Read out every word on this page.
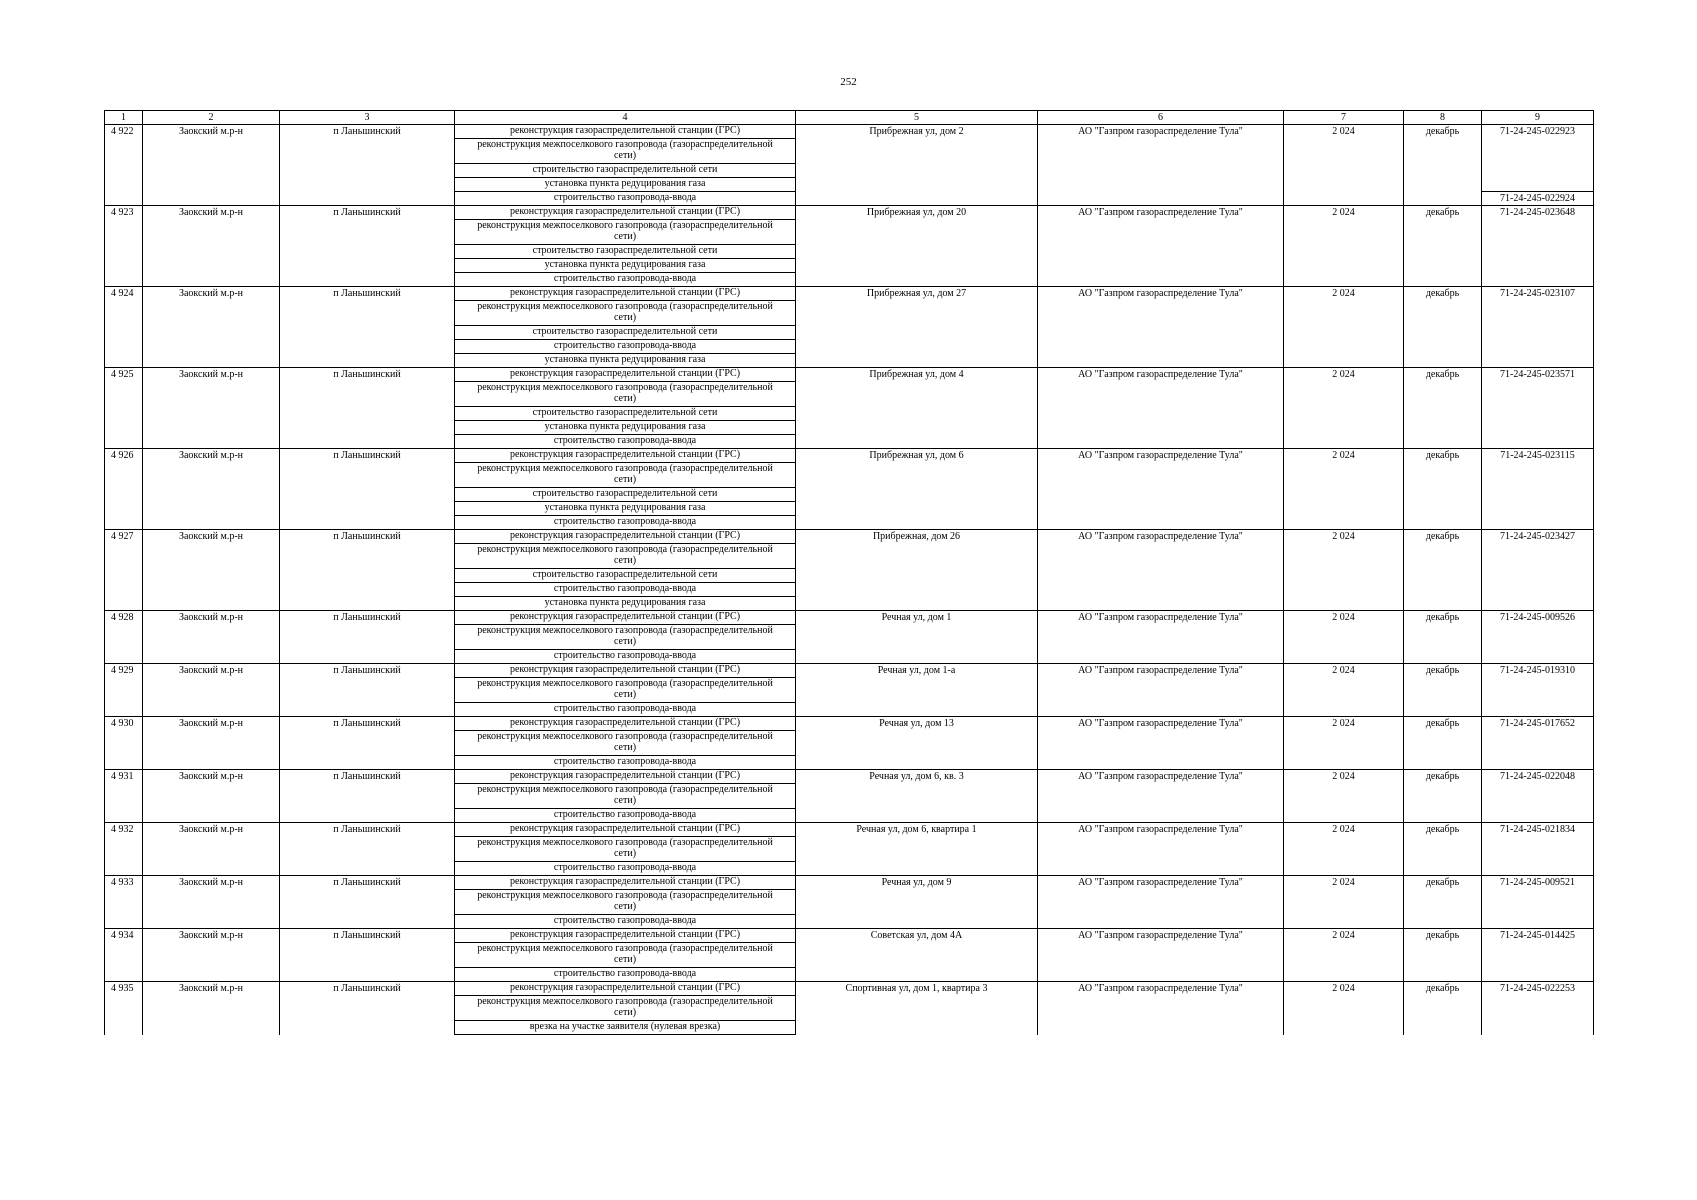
252
1	2	3	4	5	6	7	8	9
4 922	Заокский м.р-н	п Ланьшинский	реконструкция газораспределительной станции (ГРС)	Прибрежная ул, дом 2	АО "Газпром газораспределение Тула"	2 024	декабрь	71-24-245-022923
			реконструкция межпоселкового газопровода (газораспределительной сети)					
			строительство газораспределительной сети					
			установка пункта редуцирования газа					
			строительство газопровода-ввода					71-24-245-022924
4 923	Заокский м.р-н	п Ланьшинский	реконструкция газораспределительной станции (ГРС)	Прибрежная ул, дом 20	АО "Газпром газораспределение Тула"	2 024	декабрь	71-24-245-023648
			реконструкция межпоселкового газопровода (газораспределительной сети)					
			строительство газораспределительной сети					
			установка пункта редуцирования газа					
			строительство газопровода-ввода					
4 924	Заокский м.р-н	п Ланьшинский	реконструкция газораспределительной станции (ГРС)	Прибрежная ул, дом 27	АО "Газпром газораспределение Тула"	2 024	декабрь	71-24-245-023107
			реконструкция межпоселкового газопровода (газораспределительной сети)					
			строительство газораспределительной сети					
			строительство газопровода-ввода					
			установка пункта редуцирования газа					
4 925	Заокский м.р-н	п Ланьшинский	реконструкция газораспределительной станции (ГРС)	Прибрежная ул, дом 4	АО "Газпром газораспределение Тула"	2 024	декабрь	71-24-245-023571
			реконструкция межпоселкового газопровода (газораспределительной сети)					
			строительство газораспределительной сети					
			установка пункта редуцирования газа					
			строительство газопровода-ввода					
4 926	Заокский м.р-н	п Ланьшинский	реконструкция газораспределительной станции (ГРС)	Прибрежная ул, дом 6	АО "Газпром газораспределение Тула"	2 024	декабрь	71-24-245-023115
			реконструкция межпоселкового газопровода (газораспределительной сети)					
			строительство газораспределительной сети					
			установка пункта редуцирования газа					
			строительство газопровода-ввода					
4 927	Заокский м.р-н	п Ланьшинский	реконструкция газораспределительной станции (ГРС)	Прибрежная, дом 26	АО "Газпром газораспределение Тула"	2 024	декабрь	71-24-245-023427
			реконструкция межпоселкового газопровода (газораспределительной сети)					
			строительство газораспределительной сети					
			строительство газопровода-ввода					
			установка пункта редуцирования газа					
4 928	Заокский м.р-н	п Ланьшинский	реконструкция газораспределительной станции (ГРС)	Речная ул, дом 1	АО "Газпром газораспределение Тула"	2 024	декабрь	71-24-245-009526
			реконструкция межпоселкового газопровода (газораспределительной сети)					
			строительство газопровода-ввода					
4 929	Заокский м.р-н	п Ланьшинский	реконструкция газораспределительной станции (ГРС)	Речная ул, дом 1-а	АО "Газпром газораспределение Тула"	2 024	декабрь	71-24-245-019310
			реконструкция межпоселкового газопровода (газораспределительной сети)					
			строительство газопровода-ввода					
4 930	Заокский м.р-н	п Ланьшинский	реконструкция газораспределительной станции (ГРС)	Речная ул, дом 13	АО "Газпром газораспределение Тула"	2 024	декабрь	71-24-245-017652
			реконструкция межпоселкового газопровода (газораспределительной сети)					
			строительство газопровода-ввода					
4 931	Заокский м.р-н	п Ланьшинский	реконструкция газораспределительной станции (ГРС)	Речная ул, дом 6, кв. 3	АО "Газпром газораспределение Тула"	2 024	декабрь	71-24-245-022048
			реконструкция межпоселкового газопровода (газораспределительной сети)					
			строительство газопровода-ввода					
4 932	Заокский м.р-н	п Ланьшинский	реконструкция газораспределительной станции (ГРС)	Речная ул, дом 6, квартира 1	АО "Газпром газораспределение Тула"	2 024	декабрь	71-24-245-021834
			реконструкция межпоселкового газопровода (газораспределительной сети)					
			строительство газопровода-ввода					
4 933	Заокский м.р-н	п Ланьшинский	реконструкция газораспределительной станции (ГРС)	Речная ул, дом 9	АО "Газпром газораспределение Тула"	2 024	декабрь	71-24-245-009521
			реконструкция межпоселкового газопровода (газораспределительной сети)					
			строительство газопровода-ввода					
4 934	Заокский м.р-н	п Ланьшинский	реконструкция газораспределительной станции (ГРС)	Советская ул, дом 4А	АО "Газпром газораспределение Тула"	2 024	декабрь	71-24-245-014425
			реконструкция межпоселкового газопровода (газораспределительной сети)					
			строительство газопровода-ввода					
4 935	Заокский м.р-н	п Ланьшинский	реконструкция газораспределительной станции (ГРС)	Спортивная ул, дом 1, квартира 3	АО "Газпром газораспределение Тула"	2 024	декабрь	71-24-245-022253
			реконструкция межпоселкового газопровода (газораспределительной сети)					
			врезка на участке заявителя (нулевая врезка)					
